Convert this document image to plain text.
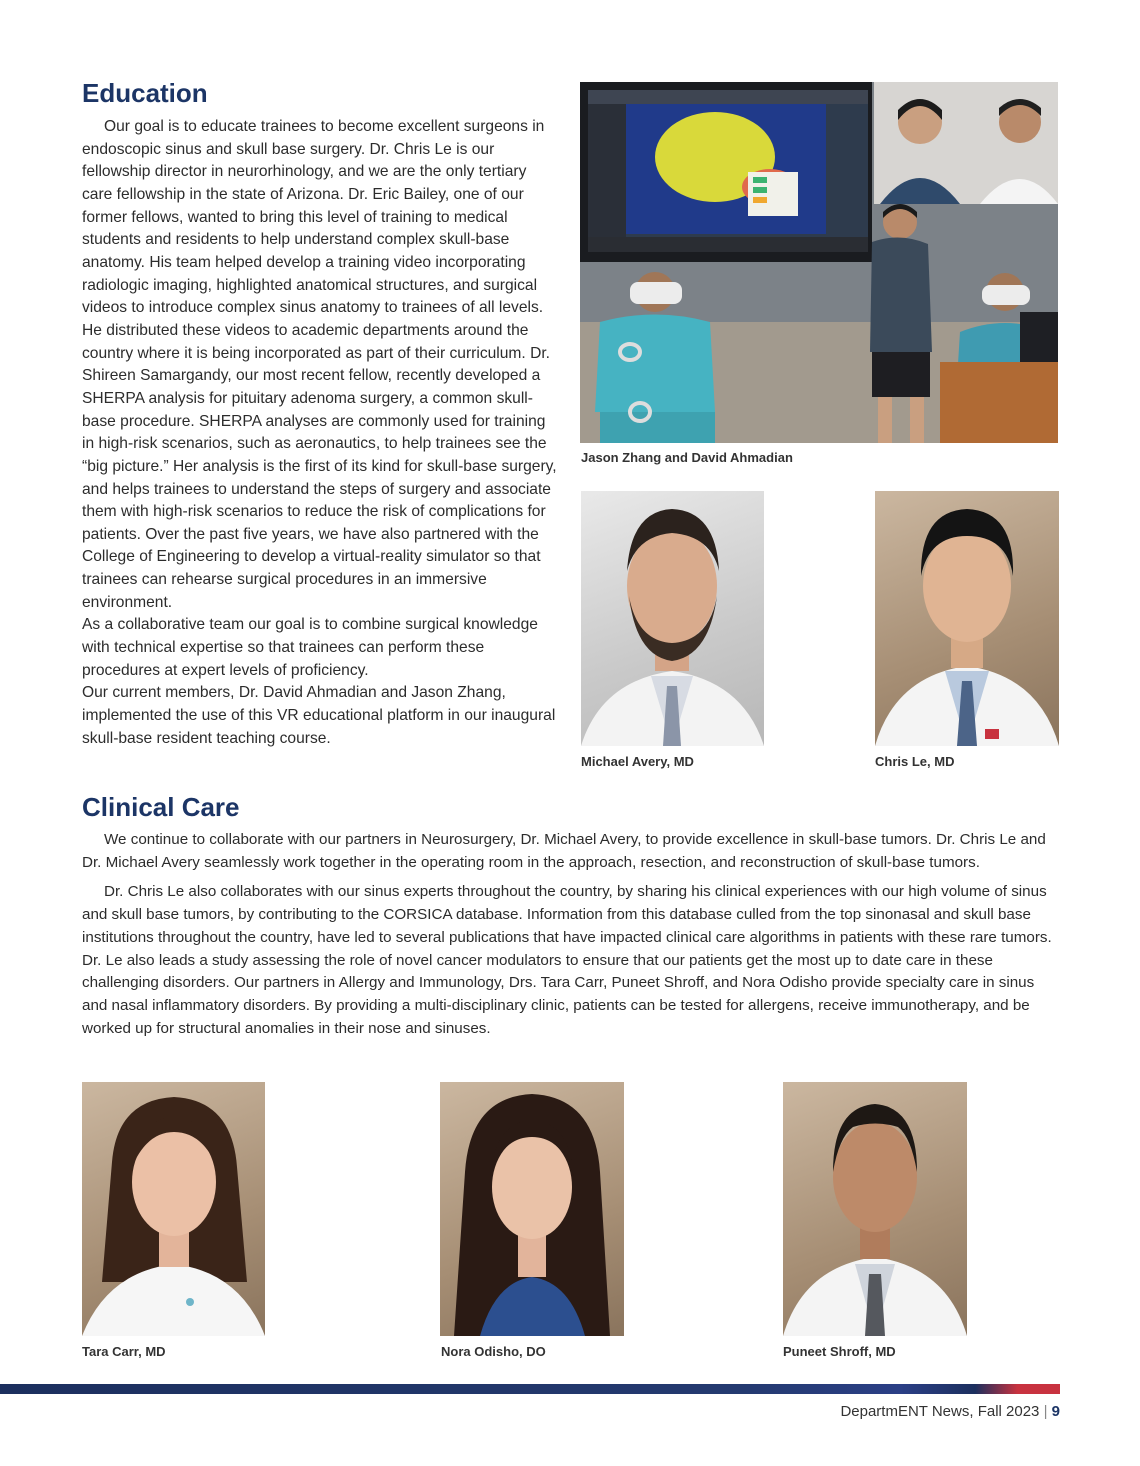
Education

Our goal is to educate trainees to become excellent surgeons in endoscopic sinus and skull base surgery. Dr. Chris Le is our fellowship director in neurorhinology, and we are the only tertiary care fellowship in the state of Arizona. Dr. Eric Bailey, one of our former fellows, wanted to bring this level of training to medical students and residents to help understand complex skull-base anatomy. His team helped develop a training video incorporating radiologic imaging, highlighted anatomical structures, and surgical videos to introduce complex sinus anatomy to trainees of all levels. He distributed these videos to academic departments around the country where it is being incorporated as part of their curriculum. Dr. Shireen Samargandy, our most recent fellow, recently developed a SHERPA analysis for pituitary adenoma surgery, a common skull-base procedure. SHERPA analyses are commonly used for training in high-risk scenarios, such as aeronautics, to help trainees see the “big picture.” Her analysis is the first of its kind for skull-base surgery, and helps trainees to understand the steps of surgery and associate them with high-risk scenarios to reduce the risk of complications for patients. Over the past five years, we have also partnered with the College of Engineering to develop a virtual-reality simulator so that trainees can rehearse surgical procedures in an immersive environment.

As a collaborative team our goal is to combine surgical knowledge with technical expertise so that trainees can perform these procedures at expert levels of proficiency.

Our current members, Dr. David Ahmadian and Jason Zhang, implemented the use of this VR educational platform in our inaugural skull-base resident teaching course.

Jason Zhang and David Ahmadian
Michael Avery, MD	Chris Le, MD
Clinical Care

We continue to collaborate with our partners in Neurosurgery, Dr. Michael Avery, to provide excellence in skull-base tumors. Dr. Chris Le and Dr. Michael Avery seamlessly work together in the operating room in the approach, resection, and reconstruction of skull-base tumors.

Dr. Chris Le also collaborates with our sinus experts throughout the country, by sharing his clinical experiences with our high volume of sinus and skull base tumors, by contributing to the CORSICA database. Information from this database culled from the top sinonasal and skull base institutions throughout the country, have led to several publications that have impacted clinical care algorithms in patients with these rare tumors. Dr. Le also leads a study assessing the role of novel cancer modulators to ensure that our patients get the most up to date care in these challenging disorders. Our partners in Allergy and Immunology, Drs. Tara Carr, Puneet Shroff, and Nora Odisho provide specialty care in sinus and nasal inflammatory disorders. By providing a multi-disciplinary clinic, patients can be tested for allergens, receive immunotherapy, and be worked up for structural anomalies in their nose and sinuses.

Tara Carr, MD	Nora Odisho, DO	Puneet Shroff, MD
DepartmENT News, Fall 2023 | 9
